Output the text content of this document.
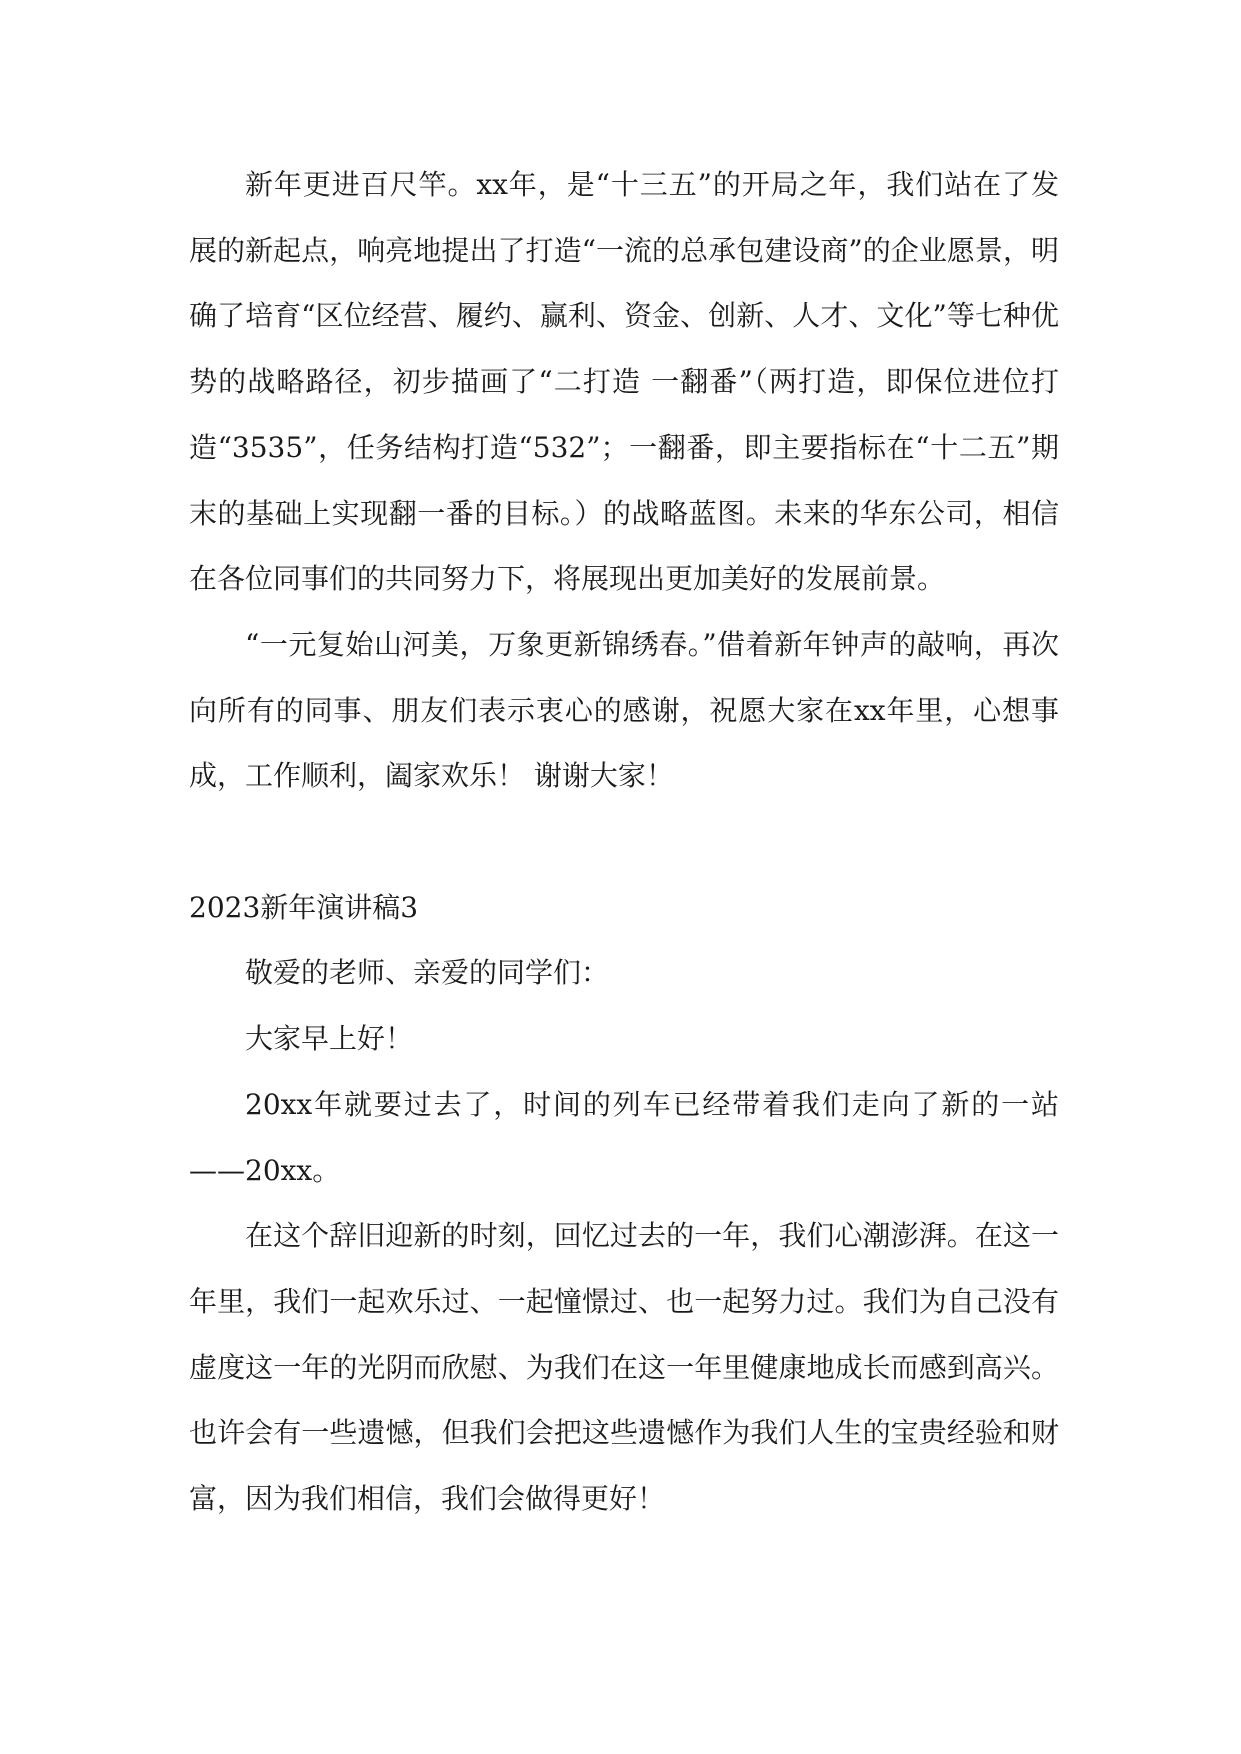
新年更进百尺竿。xx年，是“十三五”的开局之年，我们站在了发展的新起点，响亮地提出了打造“一流的总承包建设商”的企业愿景，明确了培育“区位经营、履约、赢利、资金、创新、人才、文化”等七种优势的战略路径，初步描画了“二打造 一翻番”（两打造，即保位进位打造“3535”，任务结构打造“532”；一翻番，即主要指标在“十二五”期末的基础上实现翻一番的目标。）的战略蓝图。未来的华东公司，相信在各位同事们的共同努力下，将展现出更加美好的发展前景。

“一元复始山河美，万象更新锦绣春。”借着新年钟声的敲响，再次向所有的同事、朋友们表示衷心的感谢，祝愿大家在xx年里，心想事成，工作顺利，阖家欢乐！ 谢谢大家！

2023新年演讲稿3

敬爱的老师、亲爱的同学们：

大家早上好！

20xx年就要过去了，时间的列车已经带着我们走向了新的一站——20xx。

在这个辞旧迎新的时刻，回忆过去的一年，我们心潮澎湃。在这一年里，我们一起欢乐过、一起憧憬过、也一起努力过。我们为自己没有虚度这一年的光阴而欣慰、为我们在这一年里健康地成长而感到高兴。也许会有一些遗憾，但我们会把这些遗憾作为我们人生的宝贵经验和财富，因为我们相信，我们会做得更好！
